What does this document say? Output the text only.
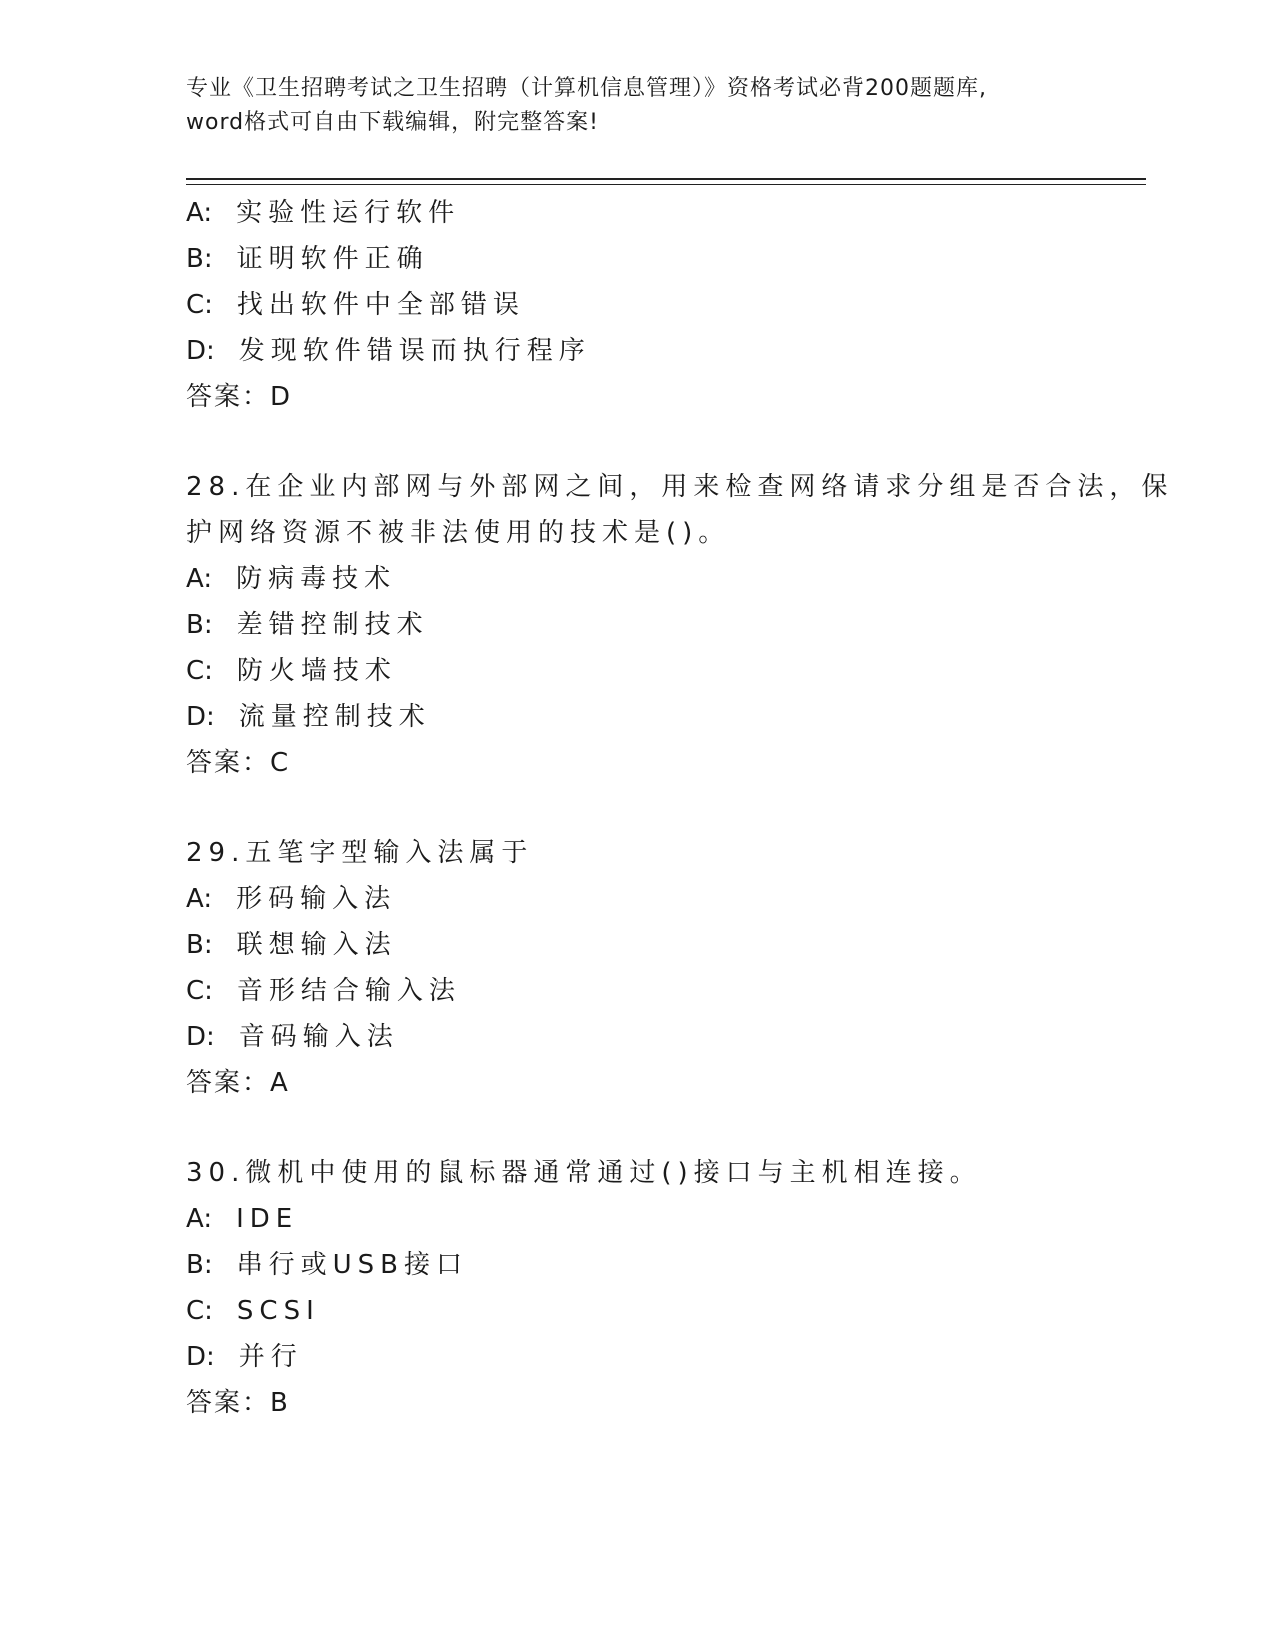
专业《卫生招聘考试之卫生招聘（计算机信息管理）》资格考试必背200题题库,
word格式可自由下载编辑，附完整答案!
A: 实验性运行软件
B: 证明软件正确
C: 找出软件中全部错误
D: 发现软件错误而执行程序
答案：D
28.在企业内部网与外部网之间，用来检查网络请求分组是否合法，保
护网络资源不被非法使用的技术是()。
A: 防病毒技术
B: 差错控制技术
C: 防火墙技术
D: 流量控制技术
答案：C
29.五笔字型输入法属于
A: 形码输入法
B: 联想输入法
C: 音形结合输入法
D: 音码输入法
答案：A
30.微机中使用的鼠标器通常通过()接口与主机相连接。
A: IDE
B: 串行或USB接口
C: SCSI
D: 并行
答案：B
